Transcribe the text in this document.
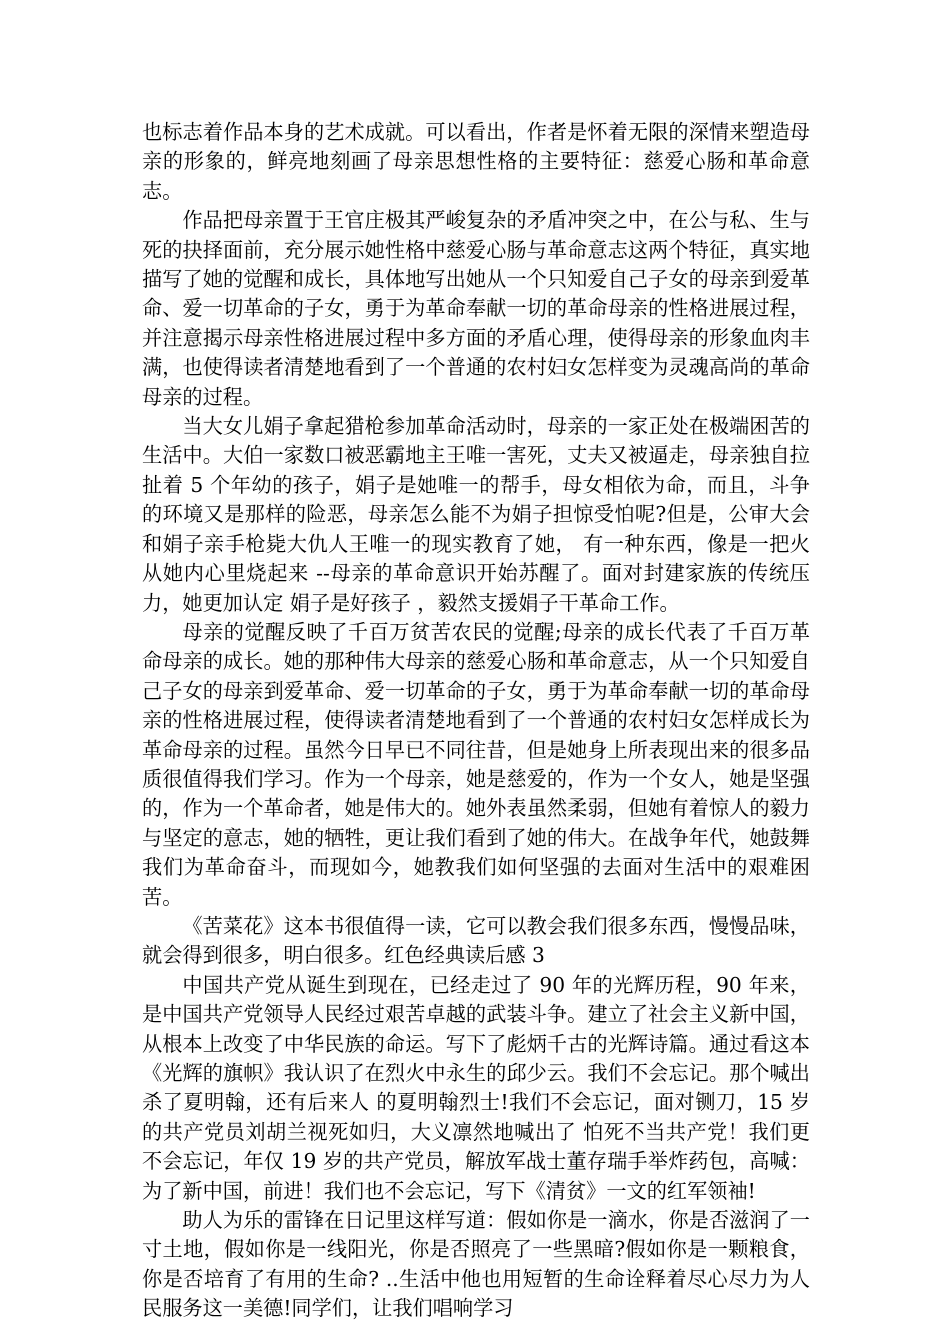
也标志着作品本身的艺术成就。可以看出，作者是怀着无限的深情来塑造母亲的形象的，鲜亮地刻画了母亲思想性格的主要特征：慈爱心肠和革命意志。

作品把母亲置于王官庄极其严峻复杂的矛盾冲突之中，在公与私、生与死的抉择面前，充分展示她性格中慈爱心肠与革命意志这两个特征，真实地描写了她的觉醒和成长，具体地写出她从一个只知爱自己子女的母亲到爱革命、爱一切革命的子女，勇于为革命奉献一切的革命母亲的性格进展过程，并注意揭示母亲性格进展过程中多方面的矛盾心理，使得母亲的形象血肉丰满，也使得读者清楚地看到了一个普通的农村妇女怎样变为灵魂高尚的革命母亲的过程。

当大女儿娟子拿起猎枪参加革命活动时，母亲的一家正处在极端困苦的生活中。大伯一家数口被恶霸地主王唯一害死，丈夫又被逼走，母亲独自拉扯着 5 个年幼的孩子，娟子是她唯一的帮手，母女相依为命，而且，斗争的环境又是那样的险恶，母亲怎么能不为娟子担惊受怕呢?但是，公审大会和娟子亲手枪毙大仇人王唯一的现实教育了她， 有一种东西，像是一把火从她内心里烧起来 --母亲的革命意识开始苏醒了。面对封建家族的传统压力，她更加认定 娟子是好孩子 ，毅然支援娟子干革命工作。

母亲的觉醒反映了千百万贫苦农民的觉醒;母亲的成长代表了千百万革命母亲的成长。她的那种伟大母亲的慈爱心肠和革命意志，从一个只知爱自己子女的母亲到爱革命、爱一切革命的子女，勇于为革命奉献一切的革命母亲的性格进展过程，使得读者清楚地看到了一个普通的农村妇女怎样成长为革命母亲的过程。虽然今日早已不同往昔，但是她身上所表现出来的很多品质很值得我们学习。作为一个母亲，她是慈爱的，作为一个女人，她是坚强的，作为一个革命者，她是伟大的。她外表虽然柔弱，但她有着惊人的毅力与坚定的意志，她的牺牲，更让我们看到了她的伟大。在战争年代，她鼓舞我们为革命奋斗，而现如今，她教我们如何坚强的去面对生活中的艰难困苦。

《苦菜花》这本书很值得一读，它可以教会我们很多东西，慢慢品味，就会得到很多，明白很多。红色经典读后感 3

中国共产党从诞生到现在，已经走过了 90 年的光辉历程，90 年来，是中国共产党领导人民经过艰苦卓越的武装斗争。建立了社会主义新中国，从根本上改变了中华民族的命运。写下了彪炳千古的光辉诗篇。通过看这本《光辉的旗帜》我认识了在烈火中永生的邱少云。我们不会忘记。那个喊出 杀了夏明翰，还有后来人 的夏明翰烈士!我们不会忘记，面对铡刀，15 岁的共产党员刘胡兰视死如归，大义凛然地喊出了 怕死不当共产党！我们更不会忘记，年仅 19 岁的共产党员，解放军战士董存瑞手举炸药包，高喊： 为了新中国，前进！我们也不会忘记，写下《清贫》一文的红军领袖!

助人为乐的雷锋在日记里这样写道：假如你是一滴水，你是否滋润了一寸土地，假如你是一线阳光，你是否照亮了一些黑暗?假如你是一颗粮食，你是否培育了有用的生命? ..生活中他也用短暂的生命诠释着尽心尽力为人民服务这一美德!同学们，让我们唱响学习
